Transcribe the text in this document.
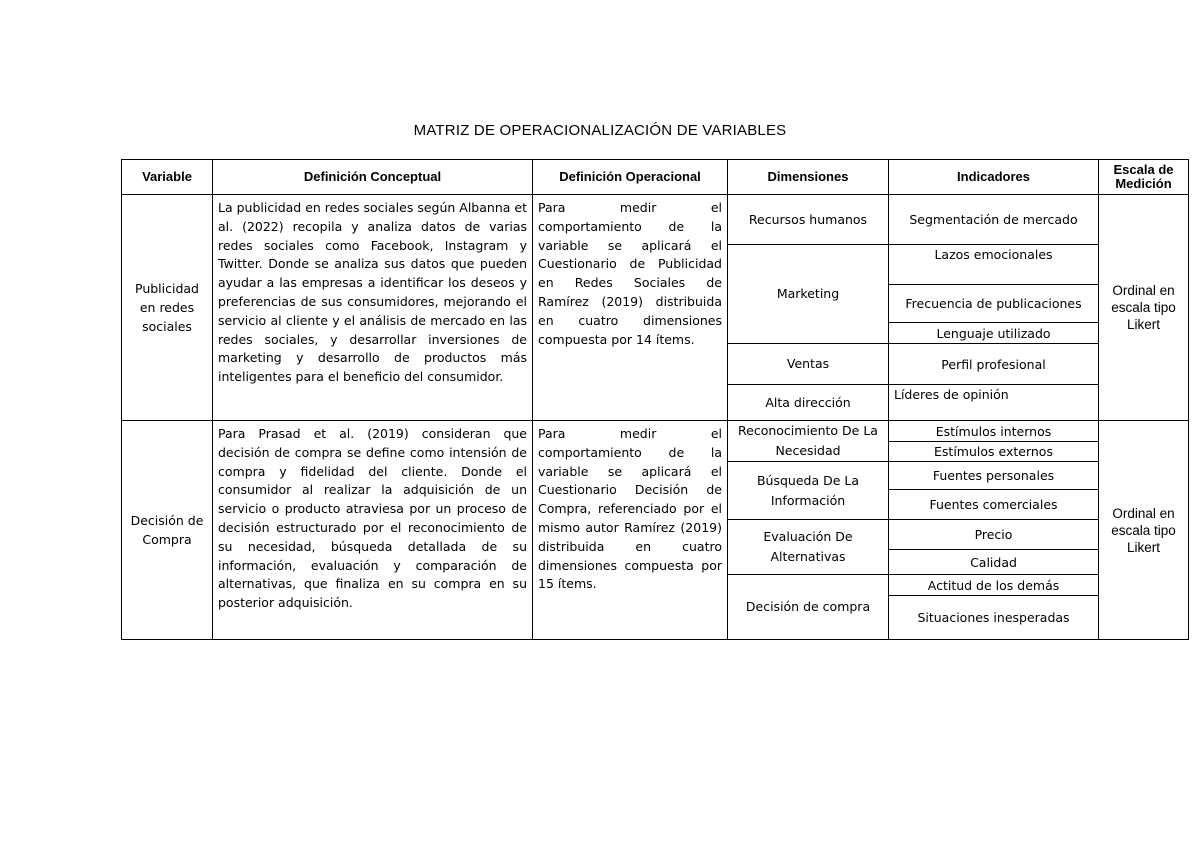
MATRIZ DE OPERACIONALIZACIÓN DE VARIABLES
Variable	Definición Conceptual	Definición Operacional	Dimensiones	Indicadores	Escala de Medición
Publicidad en redes sociales	La publicidad en redes sociales según Albanna et al. (2022) recopila y analiza datos de varias redes sociales como Facebook, Instagram y Twitter. Donde se analiza sus datos que pueden ayudar a las empresas a identificar los deseos y preferencias de sus consumidores, mejorando el servicio al cliente y el análisis de mercado en las redes sociales, y desarrollar inversiones de marketing y desarrollo de productos más inteligentes para el beneficio del consumidor.	Para medir el comportamiento de la variable se aplicará el Cuestionario de Publicidad en Redes Sociales de Ramírez (2019) distribuida en cuatro dimensiones compuesta por 14 ítems.	Recursos humanos	Segmentación de mercado	Ordinal en escala tipo Likert
			Marketing	Lazos emocionales	
				Frecuencia de publicaciones	
				Lenguaje utilizado	
			Ventas	Perfil profesional	
			Alta dirección	Líderes de opinión	
Decisión de Compra	Para Prasad et al. (2019) consideran que decisión de compra se define como intensión de compra y fidelidad del cliente. Donde el consumidor al realizar la adquisición de un servicio o producto atraviesa por un proceso de decisión estructurado por el reconocimiento de su necesidad, búsqueda detallada de su información, evaluación y comparación de alternativas, que finaliza en su compra en su posterior adquisición.	Para medir el comportamiento de la variable se aplicará el Cuestionario Decisión de Compra, referenciado por el mismo autor Ramírez (2019) distribuida en cuatro dimensiones compuesta por 15 ítems.	Reconocimiento De La Necesidad	Estímulos internos	Ordinal en escala tipo Likert
				Estímulos externos	
			Búsqueda De La Información	Fuentes personales	
				Fuentes comerciales	
			Evaluación De Alternativas	Precio	
				Calidad	
			Decisión de compra	Actitud de los demás	
				Situaciones inesperadas	
